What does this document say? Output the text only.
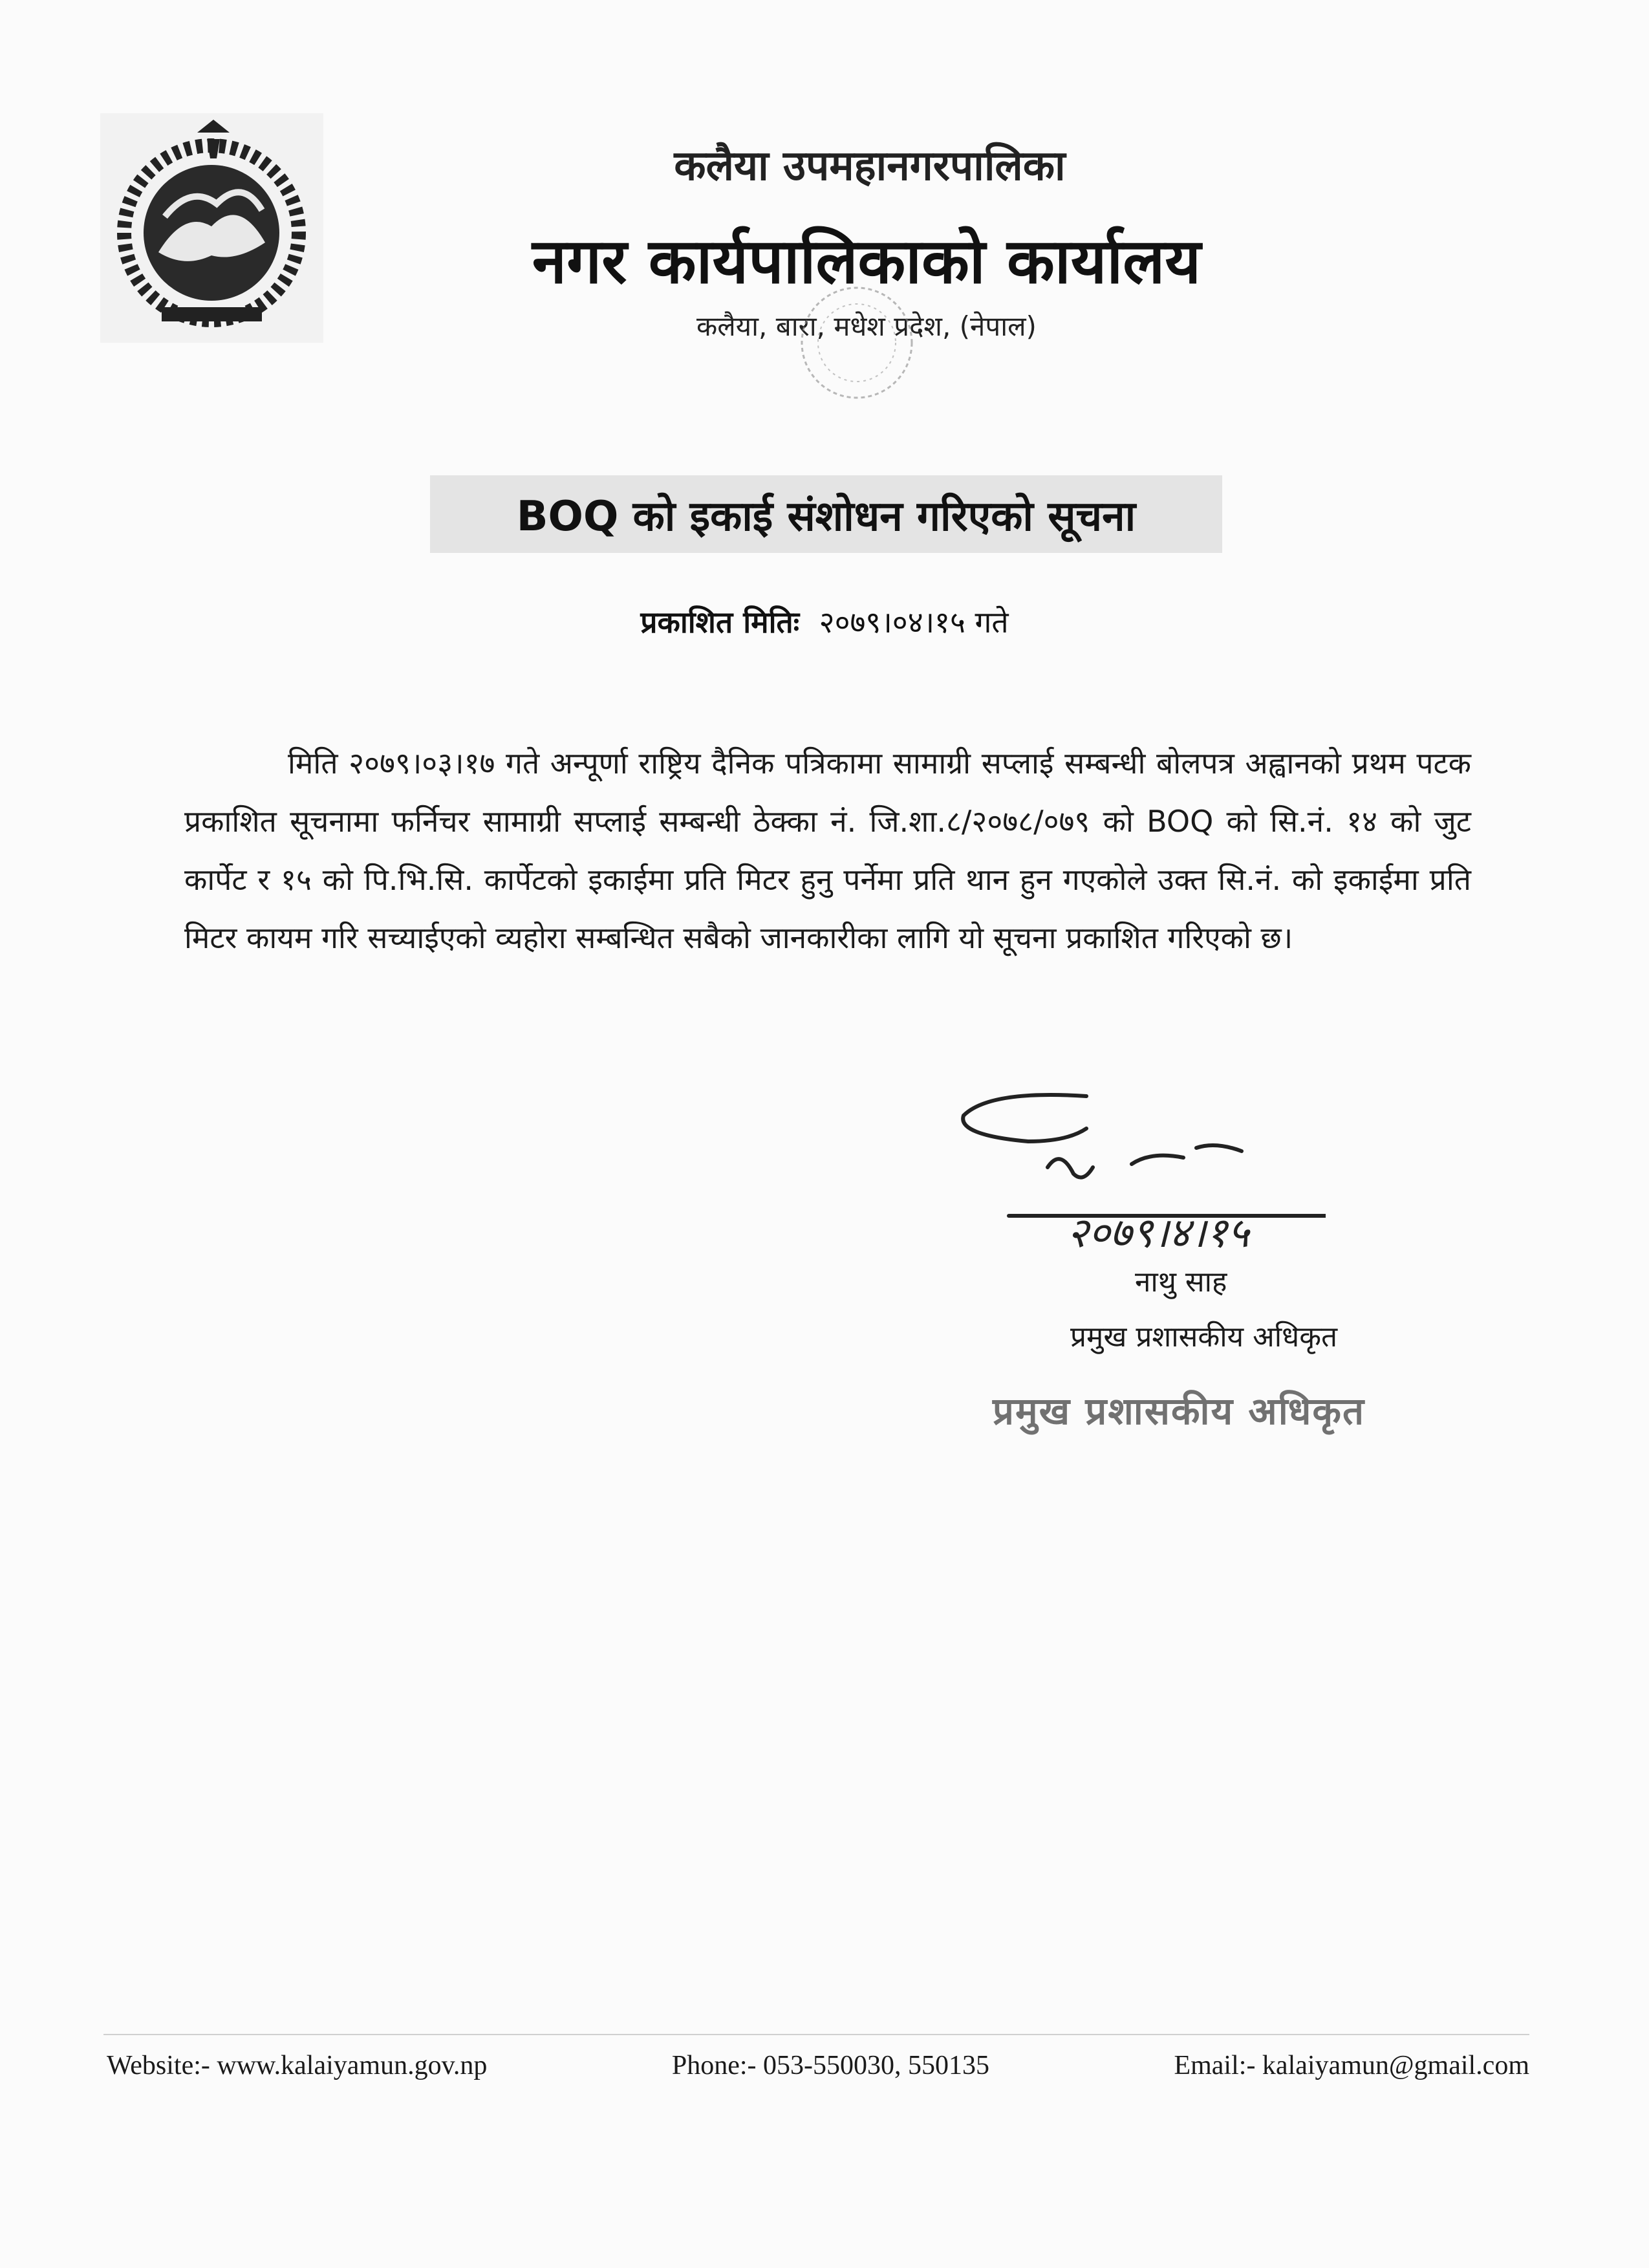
कलैया उपमहानगरपालिका
नगर कार्यपालिकाको कार्यालय
कलैया, बारा, मधेश प्रदेश, (नेपाल)
BOQ को इकाई संशोधन गरिएको सूचना
प्रकाशित मितिः २०७९।०४।१५ गते
मिति २०७९।०३।१७ गते अन्पूर्णा राष्ट्रिय दैनिक पत्रिकामा सामाग्री सप्लाई सम्बन्धी बोलपत्र अह्वानको प्रथम पटक प्रकाशित सूचनामा फर्निचर सामाग्री सप्लाई सम्बन्धी ठेक्का नं. जि.शा.८/२०७८/०७९ को BOQ को सि.नं. १४ को जुट कार्पेट र १५ को पि.भि.सि. कार्पेटको इकाईमा प्रति मिटर हुनु पर्नेमा प्रति थान हुन गएकोले उक्त सि.नं. को इकाईमा प्रति मिटर कायम गरि सच्याईएको व्यहोरा सम्बन्धित सबैको जानकारीका लागि यो सूचना प्रकाशित गरिएको छ।
२०७९।४।१५
नाथु साह
प्रमुख प्रशासकीय अधिकृत
प्रमुख प्रशासकीय अधिकृत
Website:- www.kalaiyamun.gov.np	Phone:- 053-550030, 550135	Email:- kalaiyamun@gmail.com
